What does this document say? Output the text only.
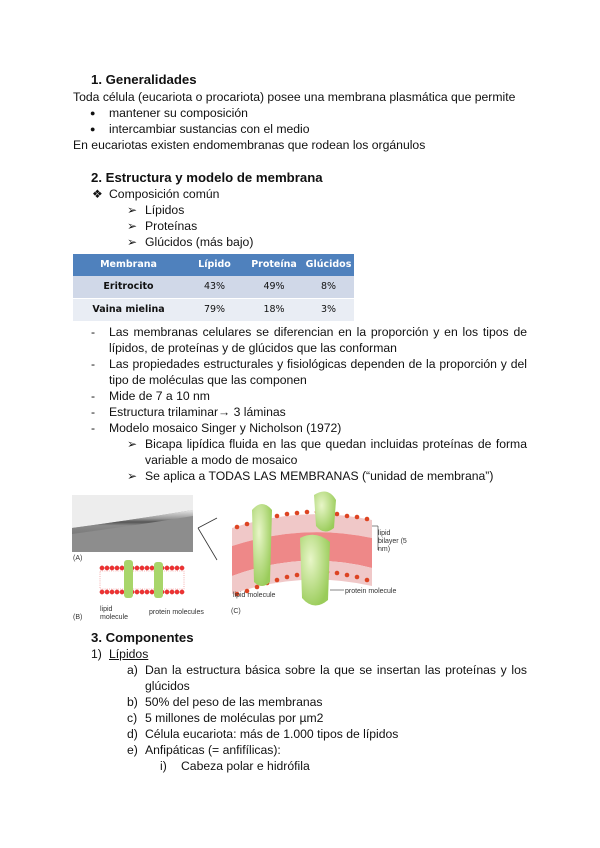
1. Generalidades
Toda célula (eucariota o procariota) posee una membrana plasmática que permite
● mantener su composición
● intercambiar sustancias con el medio
En eucariotas existen endomembranas que rodean los orgánulos
2. Estructura y modelo de membrana
❖ Composición común
➢ Lípidos
➢ Proteínas
➢ Glúcidos (más bajo)
Membrana	Lípido	Proteína	Glúcidos
Eritrocito	43%	49%	8%
Vaina mielina	79%	18%	3%
- Las membranas celulares se diferencian en la proporción y en los tipos de lípidos, de proteínas y de glúcidos que las conforman
- Las propiedades estructurales y fisiológicas dependen de la proporción y del tipo de moléculas que las componen
- Mide de 7 a 10 nm
- Estructura trilaminar→ 3 láminas
- Modelo mosaico Singer y Nicholson (1972)
➢ Bicapa lipídica fluida en las que quedan incluidas proteínas de forma variable a modo de mosaico
➢ Se aplica a TODAS LAS MEMBRANAS (“unidad de membrana”)
(A)
(B)
(C)
lipid molecule
protein molecules
lipid bilayer (5 nm)
lipid molecule
protein molecule
3. Componentes
1) Lípidos
a) Dan la estructura básica sobre la que se insertan las proteínas y los glúcidos
b) 50% del peso de las membranas
c) 5 millones de moléculas por µm2
d) Célula eucariota: más de 1.000 tipos de lípidos
e) Anfipáticas (= anfifílicas):
i) Cabeza polar e hidrófila
